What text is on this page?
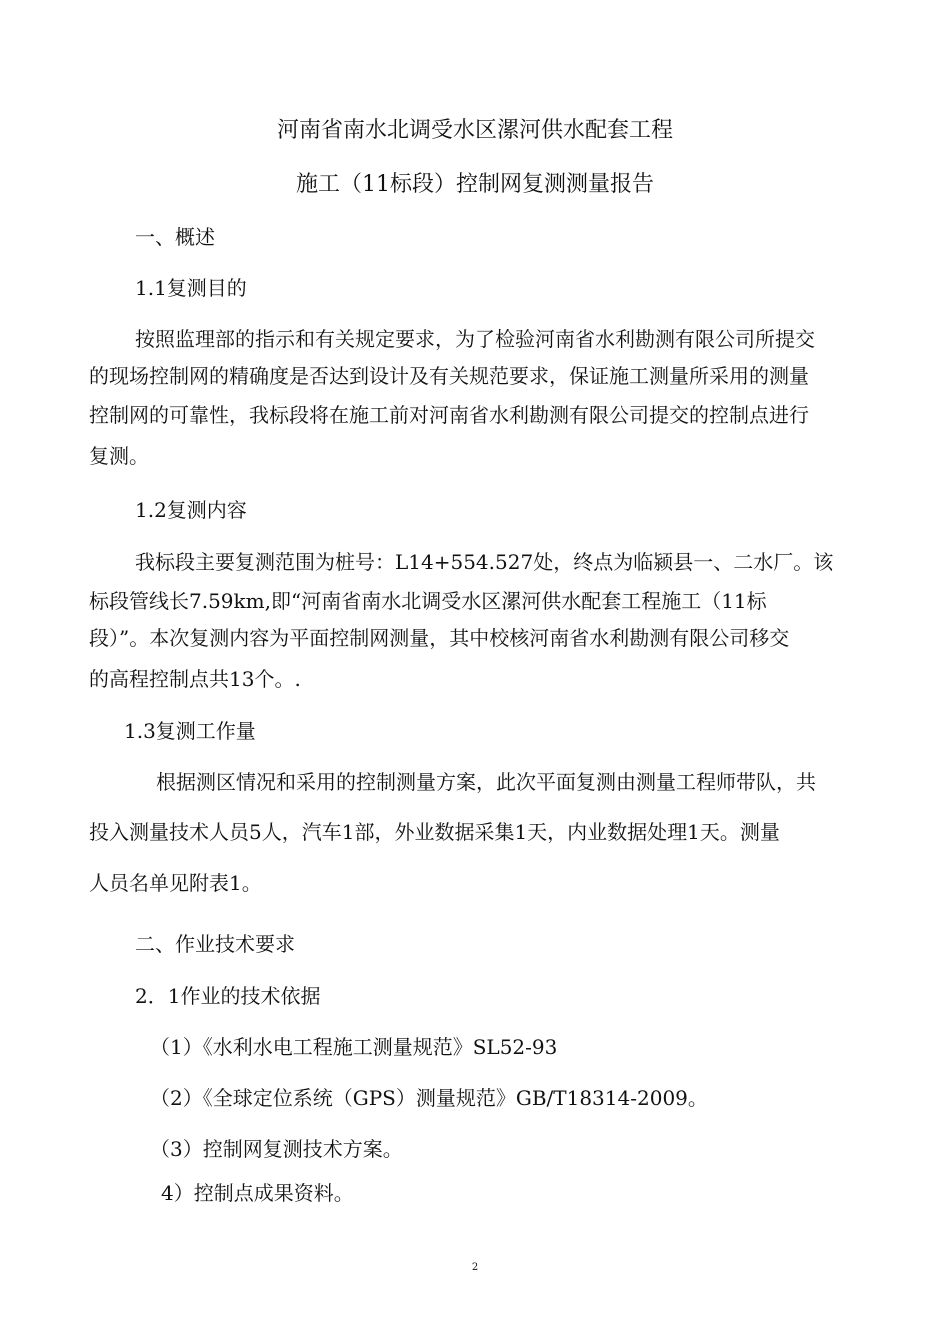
河南省南水北调受水区漯河供水配套工程
施工（11标段）控制网复测测量报告
一、概述
1.1复测目的
按照监理部的指示和有关规定要求，为了检验河南省水利勘测有限公司所提交
的现场控制网的精确度是否达到设计及有关规范要求，保证施工测量所采用的测量
控制网的可靠性，我标段将在施工前对河南省水利勘测有限公司提交的控制点进行
复测。
1.2复测内容
我标段主要复测范围为桩号：L14+554.527处，终点为临颍县一、二水厂。该
标段管线长7.59km,即“河南省南水北调受水区漯河供水配套工程施工（11标
段）”。本次复测内容为平面控制网测量，其中校核河南省水利勘测有限公司移交
的高程控制点共13个。.
1.3复测工作量
根据测区情况和采用的控制测量方案，此次平面复测由测量工程师带队，共
投入测量技术人员5人，汽车1部，外业数据采集1天，内业数据处理1天。测量
人员名单见附表1。
二、作业技术要求
2．1作业的技术依据
（1）《水利水电工程施工测量规范》SL52-93
（2）《全球定位系统（GPS）测量规范》GB/T18314-2009。
（3）控制网复测技术方案。
4）控制点成果资料。
2
